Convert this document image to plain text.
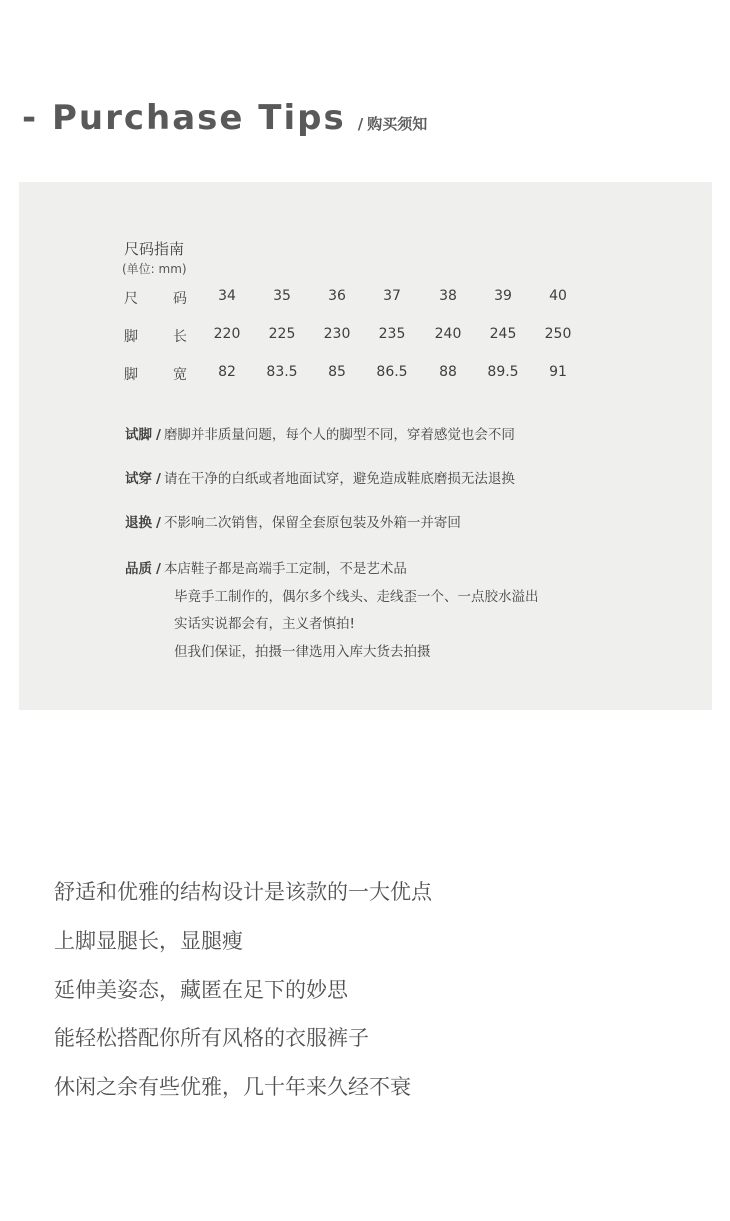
- Purchase Tips / 购买须知
尺码指南
(单位: mm)
尺	码	34	35	36	37	38	39	40
脚	长	220	225	230	235	240	245	250
脚	宽	82	83.5	85	86.5	88	89.5	91
试脚 / 磨脚并非质量问题，每个人的脚型不同，穿着感觉也会不同
试穿 / 请在干净的白纸或者地面试穿，避免造成鞋底磨损无法退换
退换 / 不影响二次销售，保留全套原包装及外箱一并寄回
品质 / 本店鞋子都是高端手工定制，不是艺术品
毕竟手工制作的，偶尔多个线头、走线歪一个、一点胶水溢出
实话实说都会有，主义者慎拍!
但我们保证，拍摄一律选用入库大货去拍摄
舒适和优雅的结构设计是该款的一大优点
上脚显腿长，显腿瘦
延伸美姿态，藏匿在足下的妙思
能轻松搭配你所有风格的衣服裤子
休闲之余有些优雅，几十年来久经不衰
